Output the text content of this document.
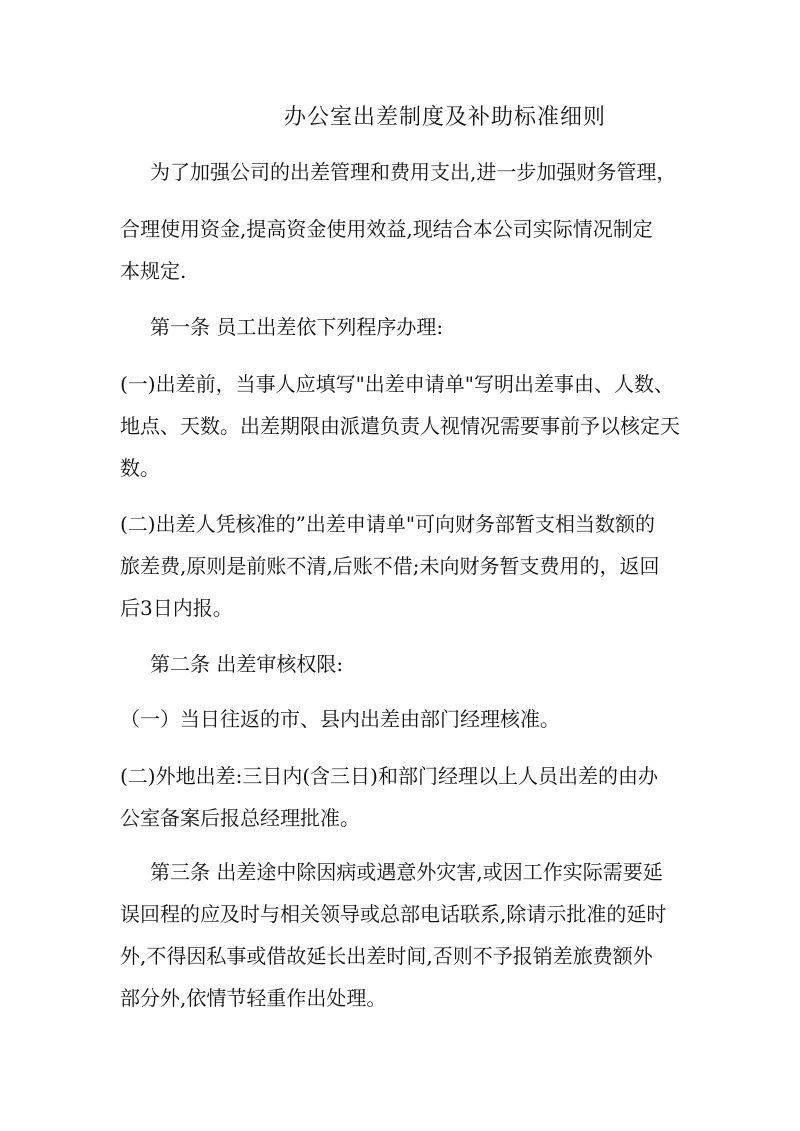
办公室出差制度及补助标准细则
为了加强公司的出差管理和费用支出,进一步加强财务管理，
合理使用资金,提高资金使用效益,现结合本公司实际情况制定
本规定.
第一条 员工出差依下列程序办理:
(一)出差前，当事人应填写"出差申请单"写明出差事由、人数、
地点、天数。出差期限由派遣负责人视情况需要事前予以核定天
数。
(二)出差人凭核准的”出差申请单"可向财务部暂支相当数额的
旅差费,原则是前账不清,后账不借;未向财务暂支费用的，返回
后3日内报。
第二条 出差审核权限:
（一）当日往返的市、县内出差由部门经理核准。
(二)外地出差:三日内(含三日)和部门经理以上人员出差的由办
公室备案后报总经理批准。
第三条 出差途中除因病或遇意外灾害,或因工作实际需要延
误回程的应及时与相关领导或总部电话联系,除请示批准的延时
外,不得因私事或借故延长出差时间,否则不予报销差旅费额外
部分外,依情节轻重作出处理。
